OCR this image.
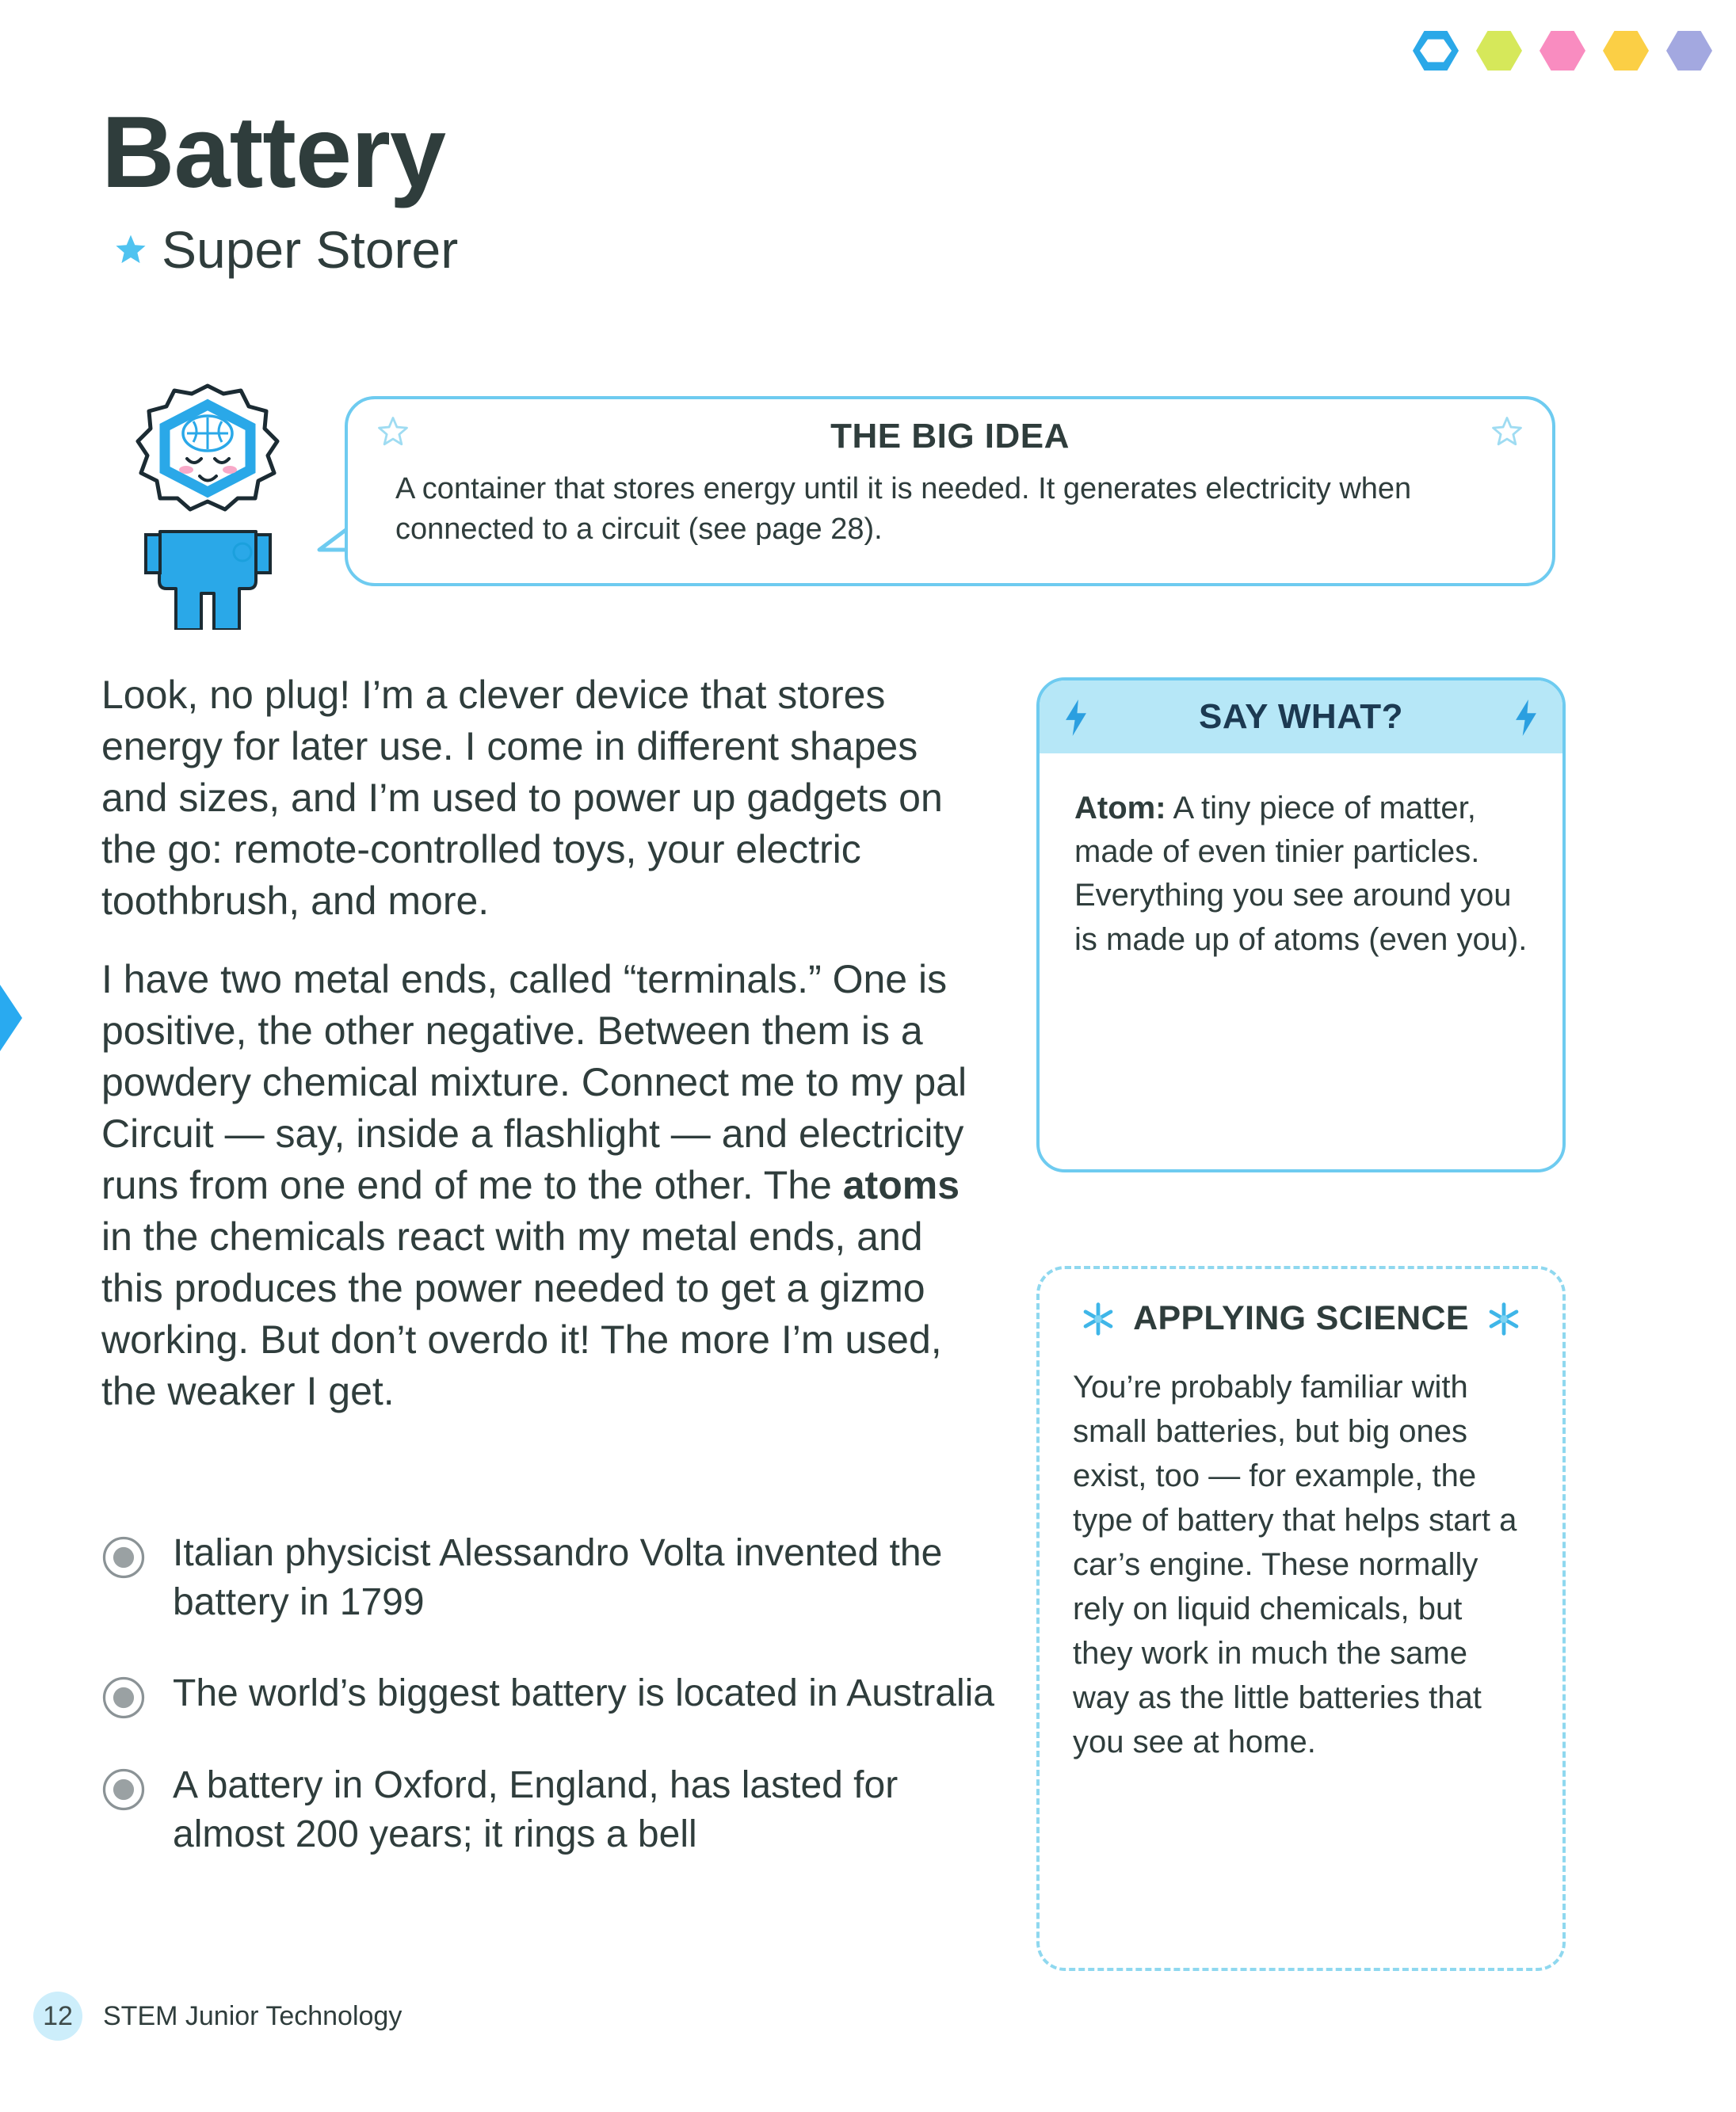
Battery
Super Storer
THE BIG IDEA
A container that stores energy until it is needed. It generates electricity when connected to a circuit (see page 28).

Look, no plug! I’m a clever device that stores energy for later use. I come in different shapes and sizes, and I’m used to power up gadgets on the go: remote-controlled toys, your electric toothbrush, and more.

I have two metal ends, called “terminals.” One is positive, the other negative. Between them is a powdery chemical mixture. Connect me to my pal Circuit — say, inside a flashlight — and electricity runs from one end of me to the other. The atoms in the chemicals react with my metal ends, and this produces the power needed to get a gizmo working. But don’t overdo it! The more I’m used, the weaker I get.

Italian physicist Alessandro Volta invented the battery in 1799
The world’s biggest battery is located in Australia
A battery in Oxford, England, has lasted for almost 200 years; it rings a bell
SAY WHAT?
Atom: A tiny piece of matter, made of even tinier particles. Everything you see around you is made up of atoms (even you).
APPLYING SCIENCE
You’re probably familiar with small batteries, but big ones exist, too — for example, the type of battery that helps start a car’s engine. These normally rely on liquid chemicals, but they work in much the same way as the little batteries that you see at home.
12	STEM Junior Technology
